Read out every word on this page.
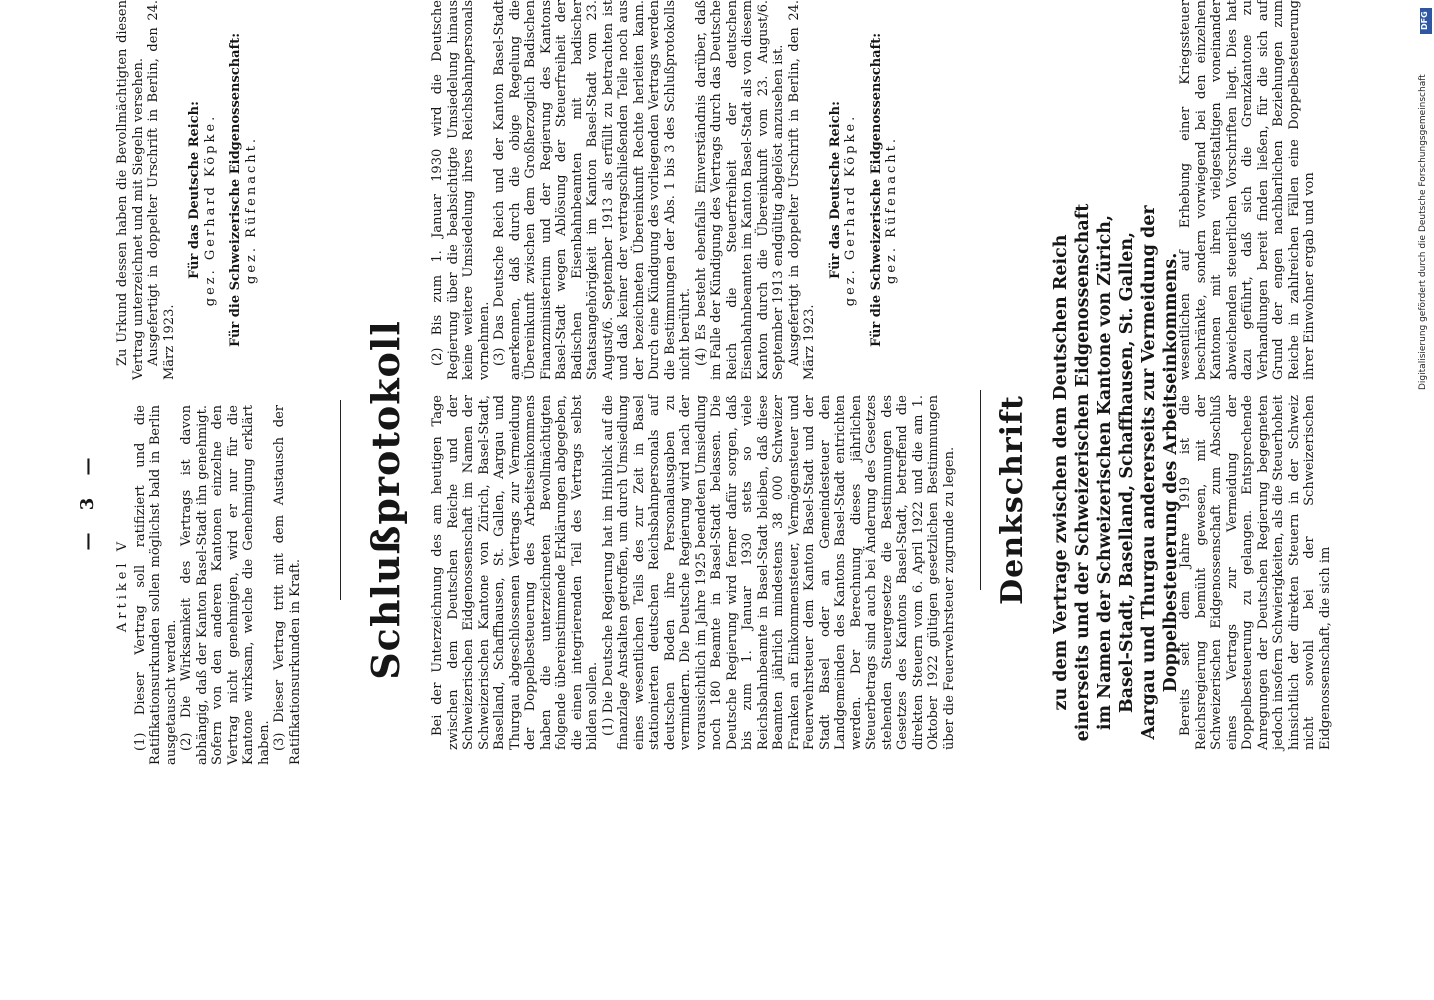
— 3 —
Artikel V (1) Dieser Vertrag soll ratifiziert und die Ratifikationsurkunden sollen möglichst bald in Berlin ausgetauscht werden. (2) Die Wirksamkeit des Vertrags ist davon abhängig, daß der Kanton Basel-Stadt ihn genehmigt. Sofern von den anderen Kantonen einzelne den Vertrag nicht genehmigen, wird er nur für die Kantone wirksam, welche die Genehmigung erklärt haben. (3) Dieser Vertrag tritt mit dem Austausch der Ratifikationsurkunden in Kraft.

Zu Urkund dessen haben die Bevollmächtigten diesen Vertrag unterzeichnet und mit Siegeln versehen. Ausgefertigt in doppelter Urschrift in Berlin, den 24. März 1923.

Für das Deutsche Reich: gez. Gerhard Köpke. Für die Schweizerische Eidgenossenschaft: gez. Rüfenacht.
Schlußprotokoll Bei der Unterzeichnung des am heutigen Tage zwischen dem Deutschen Reiche und der Schweizerischen Eidgenossenschaft im Namen der Schweizerischen Kantone von Zürich, Basel-Stadt, Baselland, Schaffhausen, St. Gallen, Aargau und Thurgau abgeschlossenen Vertrags zur Vermeidung der Doppelbesteuerung des Arbeitseinkommens haben die unterzeichneten Bevollmächtigten folgende übereinstimmende Erklärungen abgegeben, die einen integrierenden Teil des Vertrags selbst bilden sollen. (1) Die Deutsche Regierung hat im Hinblick auf die finanzlage Anstalten getroffen, um durch Umsiedlung eines wesentlichen Teils des zur Zeit in Basel stationierten deutschen Reichsbahnpersonals auf deutschen Boden ihre Personalausgaben zu vermindern. Die Deutsche Regierung wird nach der voraussichtlich im Jahre 1925 beendeten Umsiedlung noch 180 Beamte in Basel-Stadt belassen. Die Deutsche Regierung wird ferner dafür sorgen, daß bis zum 1. Januar 1930 stets so viele Reichsbahnbeamte in Basel-Stadt bleiben, daß diese Beamten jährlich mindestens 38 000 Schweizer Franken an Einkommensteuer, Vermögensteuer und Feuerwehrsteuer dem Kanton Basel-Stadt und der Stadt Basel oder an Gemeindesteuer den Landgemeinden des Kantons Basel-Stadt entrichten werden. Der Berechnung dieses jährlichen Steuerbetrags sind auch bei Änderung des Gesetzes stehenden Steuergesetze die Bestimmungen des Gesetzes des Kantons Basel-Stadt, betreffend die direkten Steuern vom 6. April 1922 und die am 1. Oktober 1922 gültigen gesetzlichen Bestimmungen über die Feuerwehrsteuer zugrunde zu legen.

(2) Bis zum 1. Januar 1930 wird die Deutsche Regierung über die beabsichtigte Umsiedelung hinaus keine weitere Umsiedelung ihres Reichsbahnpersonals vornehmen. (3) Das Deutsche Reich und der Kanton Basel-Stadt anerkennen, daß durch die obige Regelung die Übereinkunft zwischen dem Großherzoglich Badischen Finanzministerium und der Regierung des Kantons Basel-Stadt wegen Ablösung der Steuerfreiheit der Badischen Eisenbahnbeamten mit badischer Staatsangehörigkeit im Kanton Basel-Stadt vom 23. August/6. September 1913 als erfüllt zu betrachten ist und daß keiner der vertragschließenden Teile noch aus der bezeichneten Übereinkunft Rechte herleiten kann. Durch eine Kündigung des vorliegenden Vertrags werden die Bestimmungen der Abs. 1 bis 3 des Schlußprotokolls nicht berührt. (4) Es besteht ebenfalls Einverständnis darüber, daß im Falle der Kündigung des Vertrags durch das Deutsche Reich die Steuerfreiheit der deutschen Eisenbahnbeamten im Kanton Basel-Stadt als von diesem Kanton durch die Übereinkunft vom 23. August/6. September 1913 endgültig abgelöst anzusehen ist. Ausgefertigt in doppelter Urschrift in Berlin, den 24. März 1923.

Für das Deutsche Reich: gez. Gerhard Köpke. Für die Schweizerische Eidgenossenschaft: gez. Rüfenacht.
Denkschrift zu dem Vertrage zwischen dem Deutschen Reich einerseits und der Schweizerischen Eidgenossenschaft im Namen der Schweizerischen Kantone von Zürich, Basel-Stadt, Baselland, Schaffhausen, St. Gallen, Aargau und Thurgau andererseits zur Vermeidung der Doppelbesteuerung des Arbeitseinkommens.

Bereits seit dem Jahre 1919 ist die Reichsregierung bemüht gewesen, mit der Schweizerischen Eidgenossenschaft zum Abschluß eines Vertrags zur Vermeidung der Doppelbesteuerung zu gelangen. Entsprechende Anregungen der Deutschen Regierung begegneten jedoch insofern Schwierigkeiten, als die Steuerhoheit hinsichtlich der direkten Steuern in der Schweiz nicht sowohl bei der Schweizerischen Eidgenossenschaft, die sich im

wesentlichen auf Erhebung einer Kriegssteuer beschränkte, sondern vorwiegend bei den einzelnen Kantonen mit ihren vielgestaltigen voneinander abweichenden steuerlichen Vorschriften liegt. Dies hat dazu geführt, daß sich die Grenzkantone zu Verhandlungen bereit finden ließen, für die sich auf Grund der engen nachbarlichen Beziehungen zum Reiche in zahlreichen Fällen eine Doppelbesteuerung ihrer Einwohner ergab und von

DFG
Digitalisierung gefördert durch die Deutsche Forschungsgemeinschaft
